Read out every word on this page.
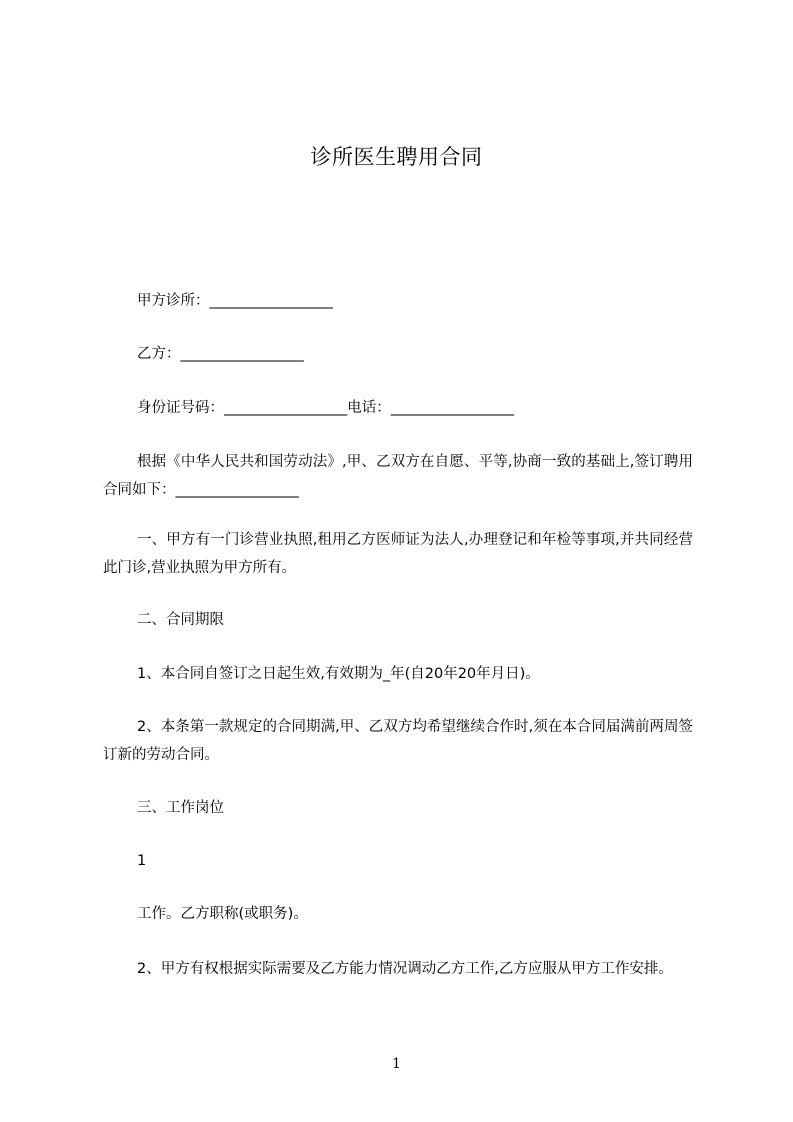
诊所医生聘用合同
甲方诊所：_________________
乙方：_________________
身份证号码：_________________电话：_________________
根据《中华人民共和国劳动法》,甲、乙双方在自愿、平等,协商一致的基础上,签订聘用合同如下：_________________
一、甲方有一门诊营业执照,租用乙方医师证为法人,办理登记和年检等事项,并共同经营此门诊,营业执照为甲方所有。
二、合同期限
1、本合同自签订之日起生效,有效期为_年(自20年20年月日)。
2、本条第一款规定的合同期满,甲、乙双方均希望继续合作时,须在本合同届满前两周签订新的劳动合同。
三、工作岗位
1
工作。乙方职称(或职务)。
2、甲方有权根据实际需要及乙方能力情况调动乙方工作,乙方应服从甲方工作安排。
1
